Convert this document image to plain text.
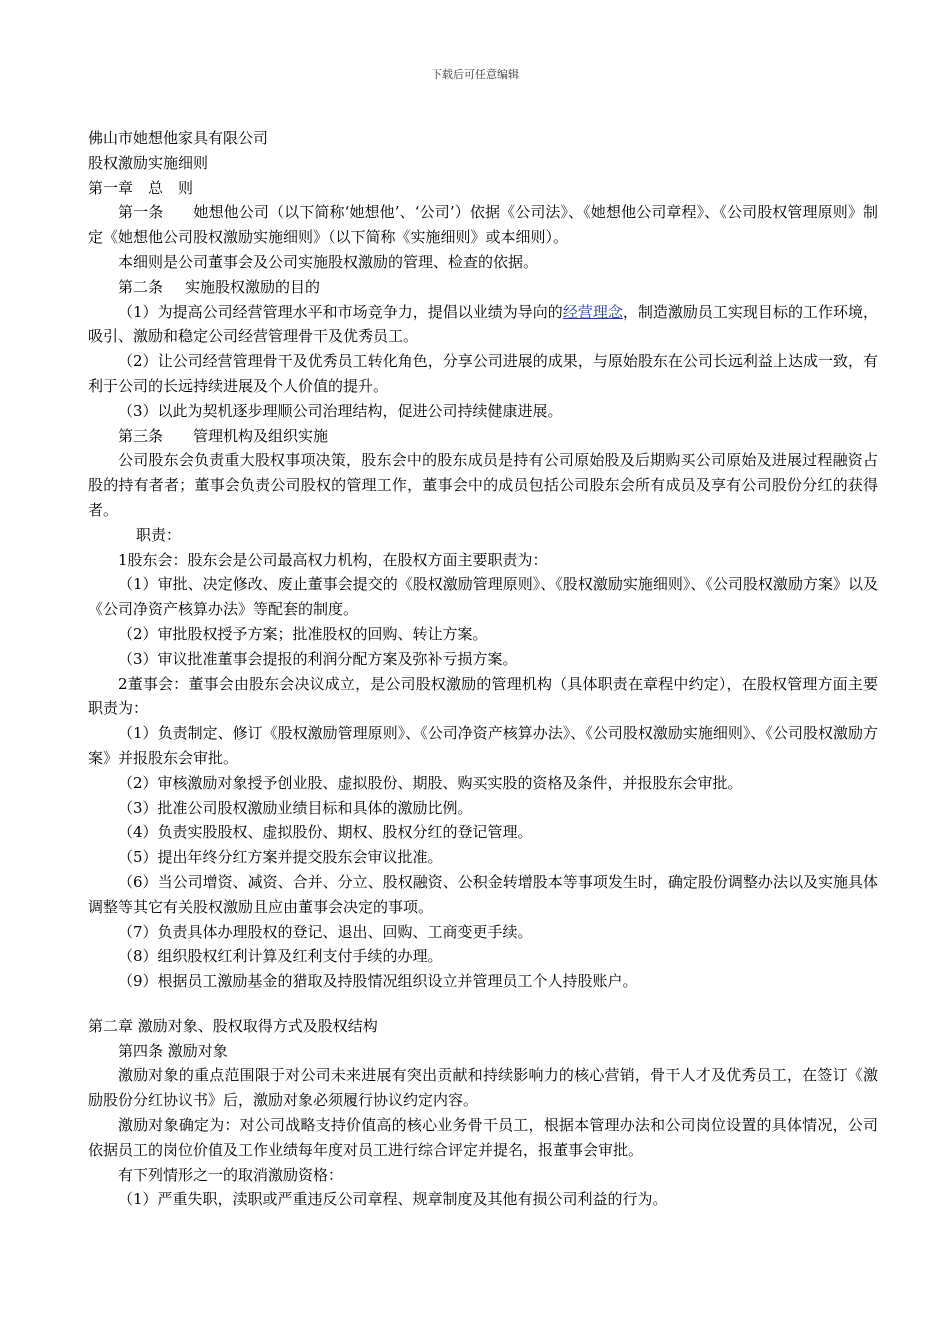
下载后可任意编辑

佛山市她想他家具有限公司

股权激励实施细则

第一章　总　则

第一条 她想他公司（以下简称‘她想他’、‘公司’）依据《公司法》、《她想他公司章程》、《公司股权管理原则》制定《她想他公司股权激励实施细则》（以下简称《实施细则》或本细则）。

本细则是公司董事会及公司实施股权激励的管理、检查的依据。

第二条 实施股权激励的目的

（1）为提高公司经营管理水平和市场竞争力，提倡以业绩为导向的经营理念，制造激励员工实现目标的工作环境，吸引、激励和稳定公司经营管理骨干及优秀员工。

（2）让公司经营管理骨干及优秀员工转化角色，分享公司进展的成果，与原始股东在公司长远利益上达成一致，有利于公司的长远持续进展及个人价值的提升。

（3）以此为契机逐步理顺公司治理结构，促进公司持续健康进展。

第三条 管理机构及组织实施

公司股东会负责重大股权事项决策，股东会中的股东成员是持有公司原始股及后期购买公司原始及进展过程融资占股的持有者者；董事会负责公司股权的管理工作，董事会中的成员包括公司股东会所有成员及享有公司股份分红的获得者。

职责：

1股东会：股东会是公司最高权力机构，在股权方面主要职责为：

（1）审批、决定修改、废止董事会提交的《股权激励管理原则》、《股权激励实施细则》、《公司股权激励方案》以及《公司净资产核算办法》等配套的制度。

（2）审批股权授予方案；批准股权的回购、转让方案。

（3）审议批准董事会提报的利润分配方案及弥补亏损方案。

2董事会：董事会由股东会决议成立，是公司股权激励的管理机构（具体职责在章程中约定），在股权管理方面主要职责为：

（1）负责制定、修订《股权激励管理原则》、《公司净资产核算办法》、《公司股权激励实施细则》、《公司股权激励方案》并报股东会审批。

（2）审核激励对象授予创业股、虚拟股份、期股、购买实股的资格及条件，并报股东会审批。

（3）批准公司股权激励业绩目标和具体的激励比例。

（4）负责实股股权、虚拟股份、期权、股权分红的登记管理。

（5）提出年终分红方案并提交股东会审议批准。

（6）当公司增资、减资、合并、分立、股权融资、公积金转增股本等事项发生时，确定股份调整办法以及实施具体调整等其它有关股权激励且应由董事会决定的事项。

（7）负责具体办理股权的登记、退出、回购、工商变更手续。

（8）组织股权红利计算及红利支付手续的办理。

（9）根据员工激励基金的猎取及持股情况组织设立并管理员工个人持股账户。

第二章 激励对象、股权取得方式及股权结构

第四条 激励对象

激励对象的重点范围限于对公司未来进展有突出贡献和持续影响力的核心营销，骨干人才及优秀员工，在签订《激励股份分红协议书》后，激励对象必须履行协议约定内容。

激励对象确定为：对公司战略支持价值高的核心业务骨干员工，根据本管理办法和公司岗位设置的具体情况，公司依据员工的岗位价值及工作业绩每年度对员工进行综合评定并提名，报董事会审批。

有下列情形之一的取消激励资格：

（1）严重失职，渎职或严重违反公司章程、规章制度及其他有损公司利益的行为。
